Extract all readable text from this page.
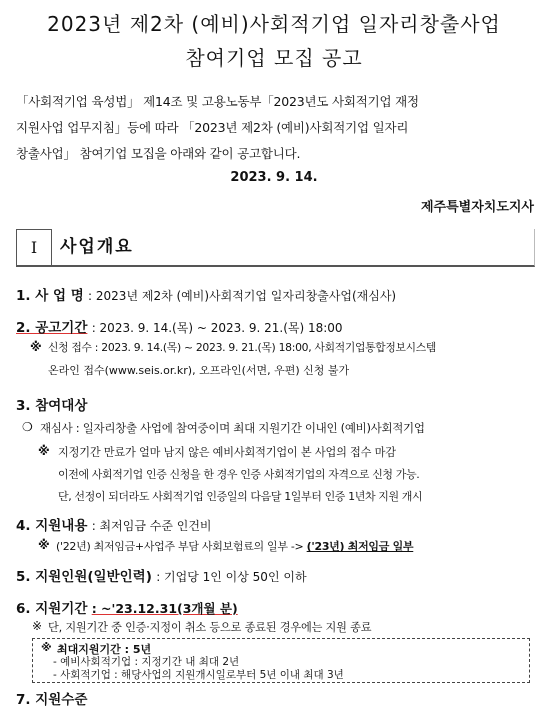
2023년 제2차 (예비)사회적기업 일자리창출사업
참여기업 모집 공고
「사회적기업 육성법」 제14조 및 고용노동부「2023년도 사회적기업 재정
지원사업 업무지침」등에 따라 「2023년 제2차 (예비)사회적기업 일자리
창출사업」 참여기업 모집을 아래와 같이 공고합니다.
2023. 9. 14.
제주특별자치도지사
Ⅰ	사업개요
1. 사 업 명 : 2023년 제2차 (예비)사회적기업 일자리창출사업(재심사)
2. 공고기간 : 2023. 9. 14.(목) ~ 2023. 9. 21.(목) 18:00
※ 신청 접수 : 2023. 9. 14.(목) ~ 2023. 9. 21.(목) 18:00, 사회적기업통합정보시스템
온라인 접수(www.seis.or.kr), 오프라인(서면, 우편) 신청 불가
3. 참여대상
❍ 재심사 : 일자리창출 사업에 참여중이며 최대 지원기간 이내인 (예비)사회적기업
※ 지정기간 만료가 얼마 남지 않은 예비사회적기업이 본 사업의 접수 마감
이전에 사회적기업 인증 신청을 한 경우 인증 사회적기업의 자격으로 신청 가능.
단, 선정이 되더라도 사회적기업 인증일의 다음달 1일부터 인증 1년차 지원 개시
4. 지원내용 : 최저임금 수준 인건비
※ ('22년) 최저임금+사업주 부담 사회보험료의 일부 -> ('23년) 최저임금 일부
5. 지원인원(일반인력) : 기업당 1인 이상 50인 이하
6. 지원기간 : ~'23.12.31(3개월 분)
※ 단, 지원기간 중 인증·지정이 취소 등으로 종료된 경우에는 지원 종료
※ 최대지원기간 : 5년
- 예비사회적기업 : 지정기간 내 최대 2년
- 사회적기업 : 해당사업의 지원개시일로부터 5년 이내 최대 3년
7. 지원수준
